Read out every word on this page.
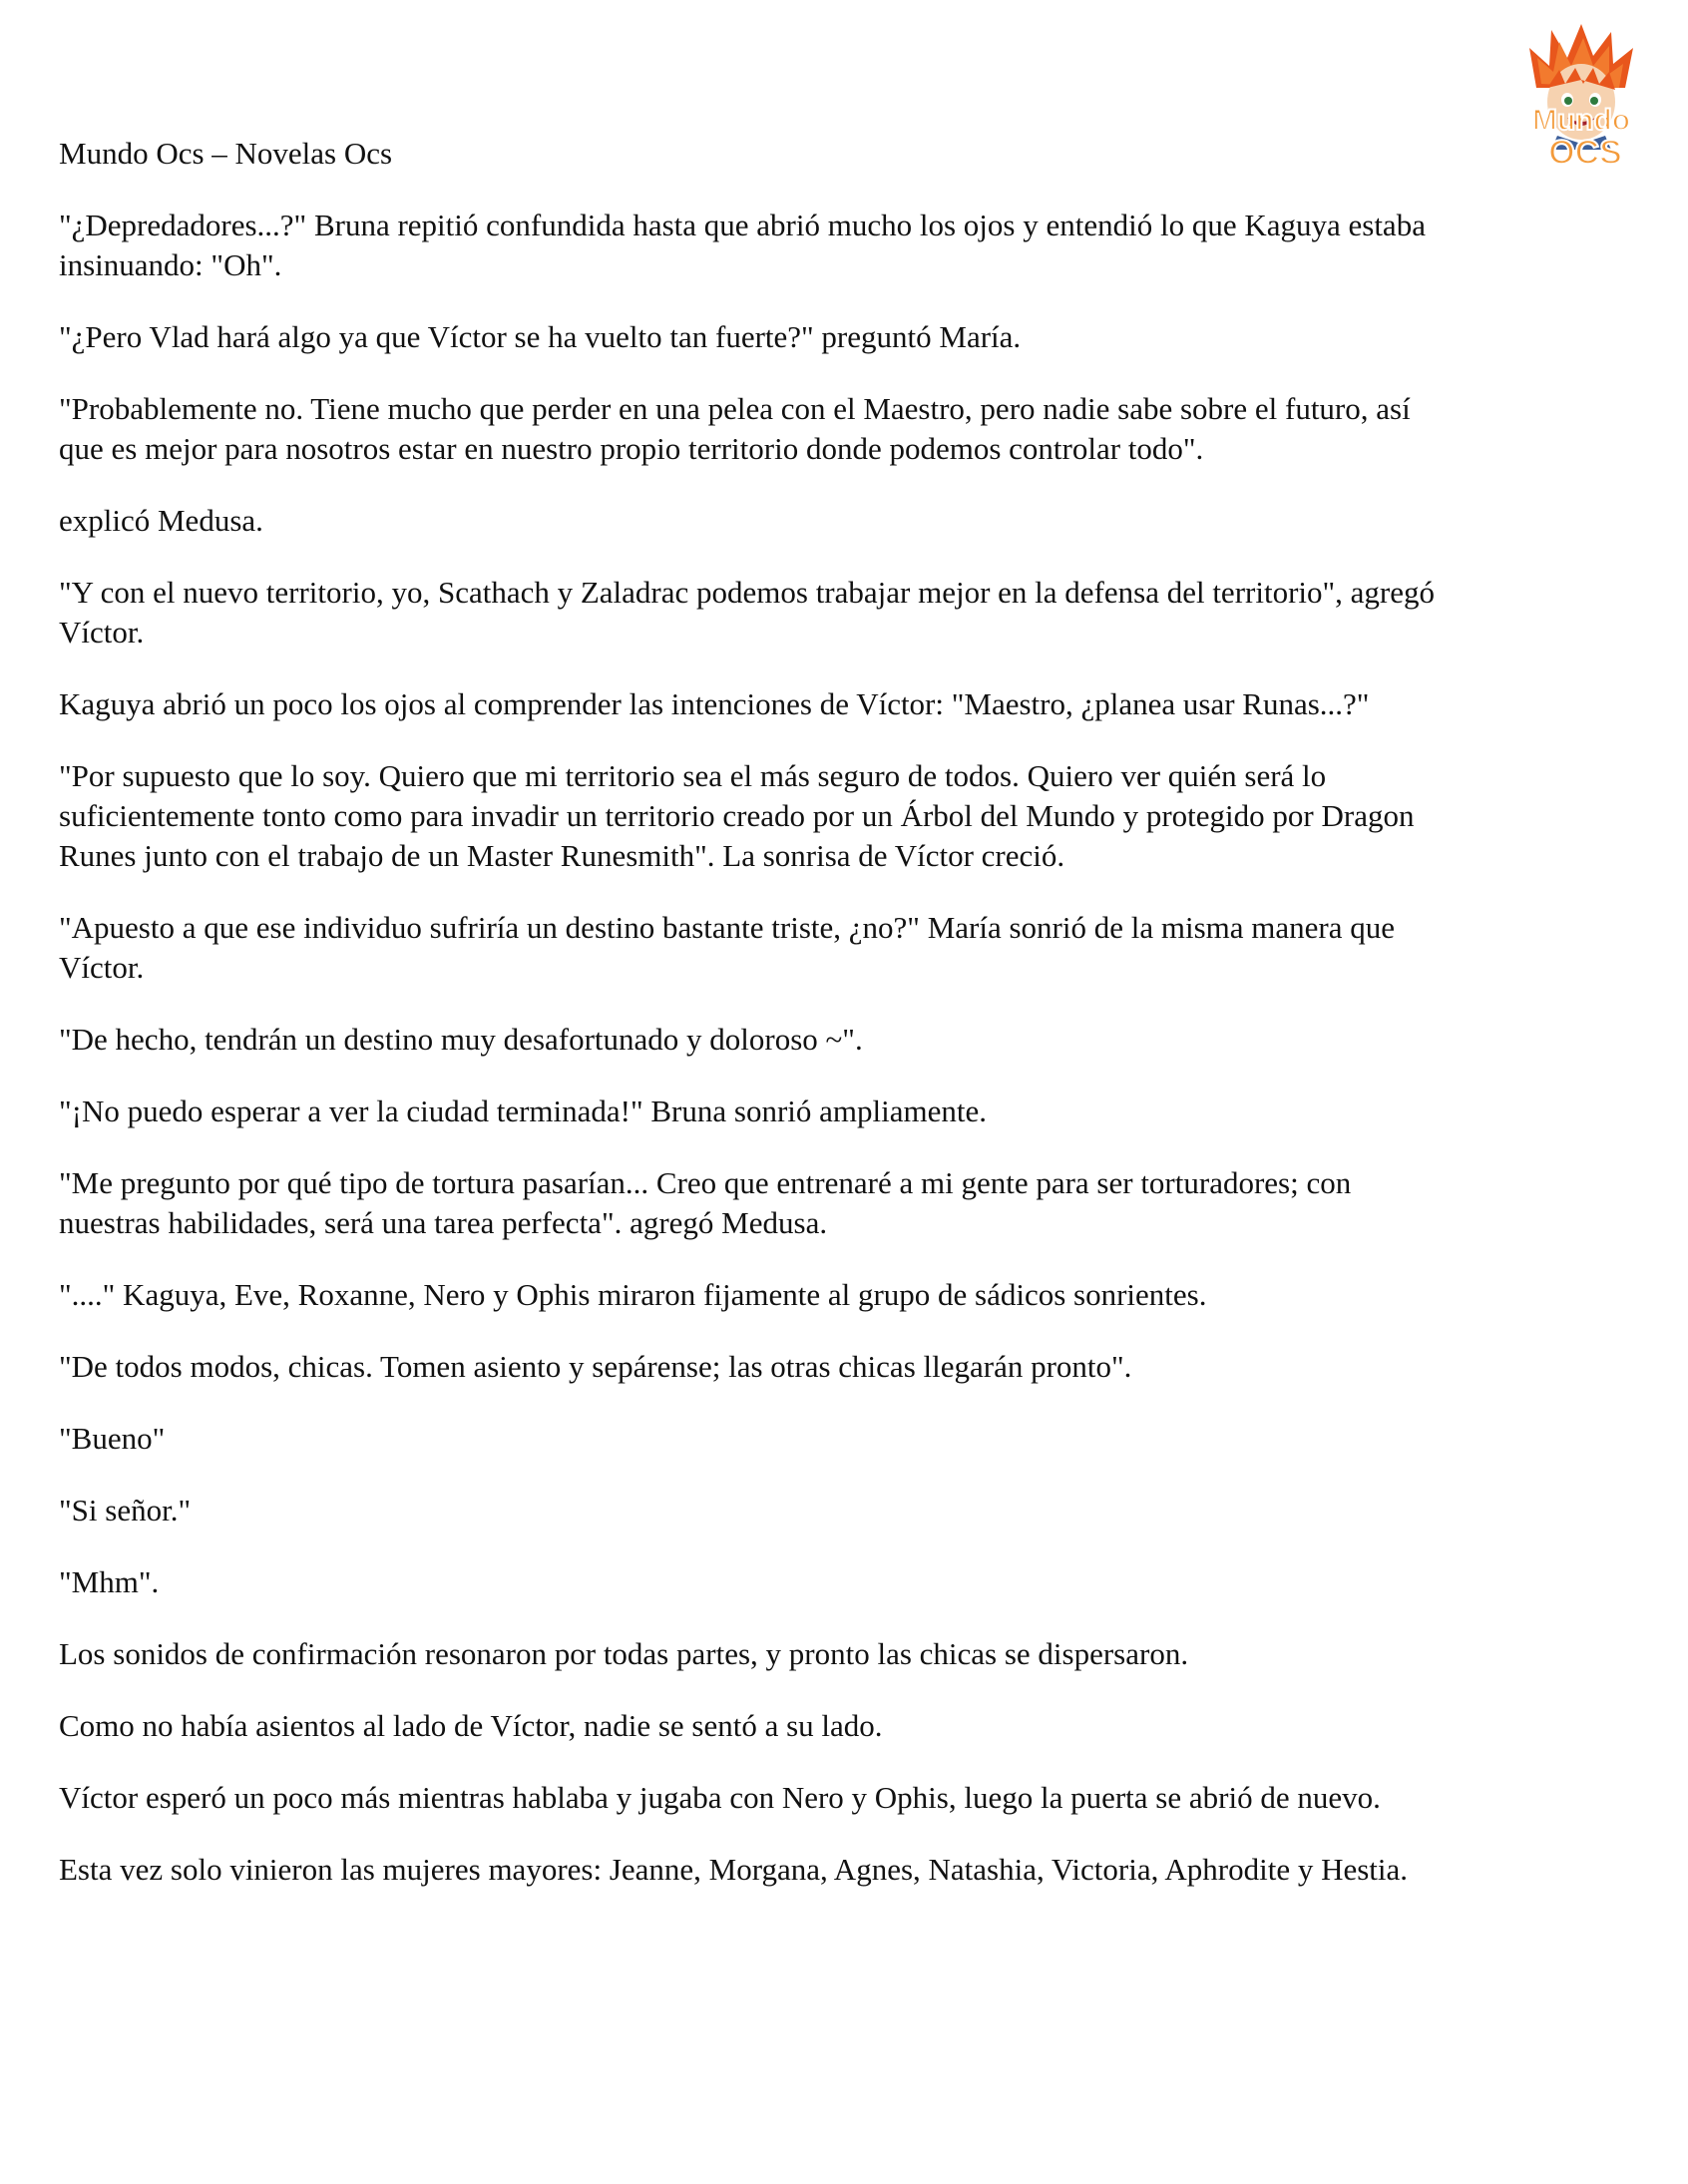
Mundo Ocs – Novelas Ocs
Mundo
OCS

"¿Depredadores...?" Bruna repitió confundida hasta que abrió mucho los ojos y entendió lo que Kaguya estaba
insinuando: "Oh".

"¿Pero Vlad hará algo ya que Víctor se ha vuelto tan fuerte?" preguntó María.

"Probablemente no. Tiene mucho que perder en una pelea con el Maestro, pero nadie sabe sobre el futuro, así
que es mejor para nosotros estar en nuestro propio territorio donde podemos controlar todo".

explicó Medusa.

"Y con el nuevo territorio, yo, Scathach y Zaladrac podemos trabajar mejor en la defensa del territorio", agregó
Víctor.

Kaguya abrió un poco los ojos al comprender las intenciones de Víctor: "Maestro, ¿planea usar Runas...?"

"Por supuesto que lo soy. Quiero que mi territorio sea el más seguro de todos. Quiero ver quién será lo
suficientemente tonto como para invadir un territorio creado por un Árbol del Mundo y protegido por Dragon
Runes junto con el trabajo de un Master Runesmith". La sonrisa de Víctor creció.

"Apuesto a que ese individuo sufriría un destino bastante triste, ¿no?" María sonrió de la misma manera que
Víctor.

"De hecho, tendrán un destino muy desafortunado y doloroso ~".

"¡No puedo esperar a ver la ciudad terminada!" Bruna sonrió ampliamente.

"Me pregunto por qué tipo de tortura pasarían... Creo que entrenaré a mi gente para ser torturadores; con
nuestras habilidades, será una tarea perfecta". agregó Medusa.

"...." Kaguya, Eve, Roxanne, Nero y Ophis miraron fijamente al grupo de sádicos sonrientes.

"De todos modos, chicas. Tomen asiento y sepárense; las otras chicas llegarán pronto".

"Bueno"

"Si señor."

"Mhm".

Los sonidos de confirmación resonaron por todas partes, y pronto las chicas se dispersaron.

Como no había asientos al lado de Víctor, nadie se sentó a su lado.

Víctor esperó un poco más mientras hablaba y jugaba con Nero y Ophis, luego la puerta se abrió de nuevo.

Esta vez solo vinieron las mujeres mayores: Jeanne, Morgana, Agnes, Natashia, Victoria, Aphrodite y Hestia.
